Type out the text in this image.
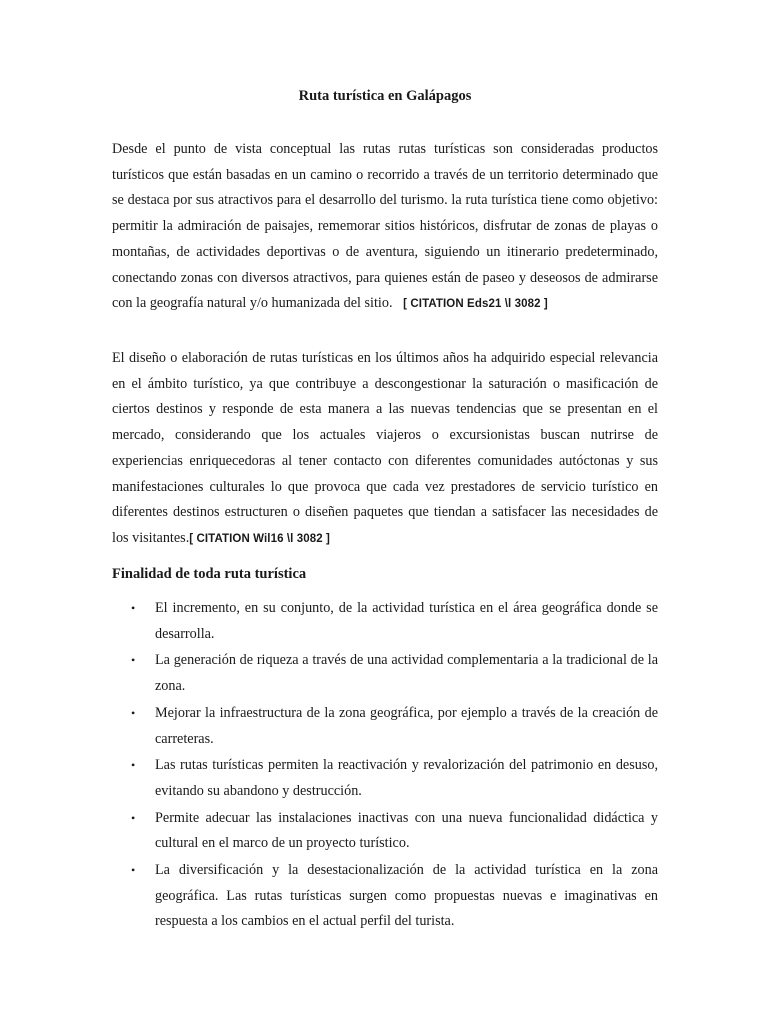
Ruta turística en Galápagos

Desde el punto de vista conceptual las rutas rutas turísticas son consideradas productos turísticos que están basadas en un camino o recorrido a través de un territorio determinado que se destaca por sus atractivos para el desarrollo del turismo. la ruta turística tiene como objetivo: permitir la admiración de paisajes, rememorar sitios históricos, disfrutar de zonas de playas o montañas, de actividades deportivas o de aventura, siguiendo un itinerario predeterminado, conectando zonas con diversos atractivos, para quienes están de paseo y deseosos de admirarse con la geografía natural y/o humanizada del sitio. [ CITATION Eds21 \l 3082 ]

El diseño o elaboración de rutas turísticas en los últimos años ha adquirido especial relevancia en el ámbito turístico, ya que contribuye a descongestionar la saturación o masificación de ciertos destinos y responde de esta manera a las nuevas tendencias que se presentan en el mercado, considerando que los actuales viajeros o excursionistas buscan nutrirse de experiencias enriquecedoras al tener contacto con diferentes comunidades autóctonas y sus manifestaciones culturales lo que provoca que cada vez prestadores de servicio turístico en diferentes destinos estructuren o diseñen paquetes que tiendan a satisfacer las necesidades de los visitantes.[ CITATION Wil16 \l 3082 ]

Finalidad de toda ruta turística
• El incremento, en su conjunto, de la actividad turística en el área geográfica donde se desarrolla.
• La generación de riqueza a través de una actividad complementaria a la tradicional de la zona.
• Mejorar la infraestructura de la zona geográfica, por ejemplo a través de la creación de carreteras.
• Las rutas turísticas permiten la reactivación y revalorización del patrimonio en desuso, evitando su abandono y destrucción.
• Permite adecuar las instalaciones inactivas con una nueva funcionalidad didáctica y cultural en el marco de un proyecto turístico.
• La diversificación y la desestacionalización de la actividad turística en la zona geográfica. Las rutas turísticas surgen como propuestas nuevas e imaginativas en respuesta a los cambios en el actual perfil del turista.
